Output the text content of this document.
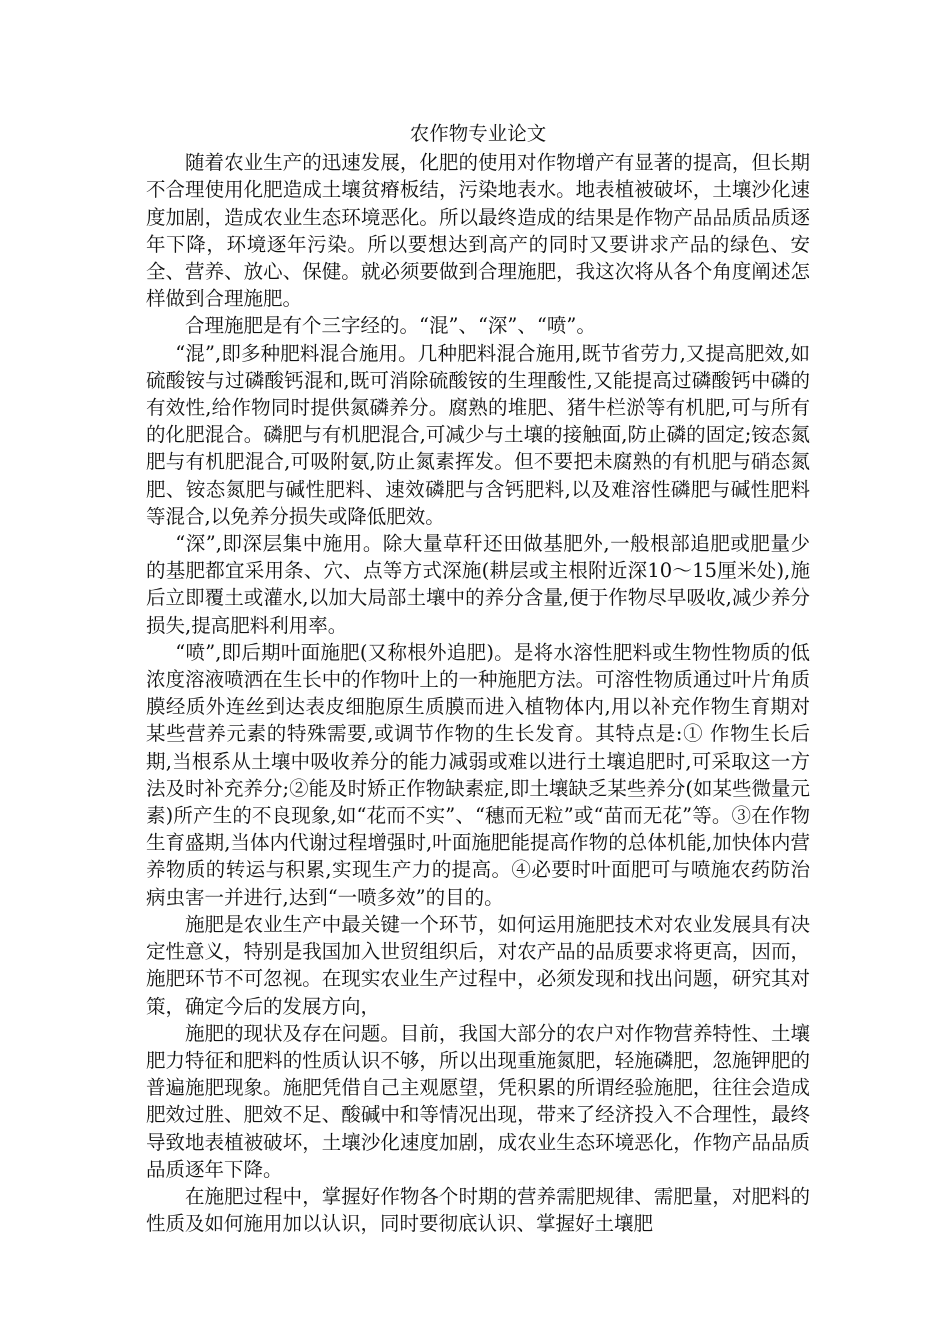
农作物专业论文

随着农业生产的迅速发展，化肥的使用对作物增产有显著的提高，但长期不合理使用化肥造成土壤贫瘠板结，污染地表水。地表植被破坏，土壤沙化速度加剧，造成农业生态环境恶化。所以最终造成的结果是作物产品品质品质逐年下降，环境逐年污染。所以要想达到高产的同时又要讲求产品的绿色、安全、营养、放心、保健。就必须要做到合理施肥，我这次将从各个角度阐述怎样做到合理施肥。

合理施肥是有个三字经的。“混”、“深”、“喷”。

“混”,即多种肥料混合施用。几种肥料混合施用,既节省劳力,又提高肥效,如硫酸铵与过磷酸钙混和,既可消除硫酸铵的生理酸性,又能提高过磷酸钙中磷的有效性,给作物同时提供氮磷养分。腐熟的堆肥、猪牛栏淤等有机肥,可与所有的化肥混合。磷肥与有机肥混合,可减少与土壤的接触面,防止磷的固定;铵态氮肥与有机肥混合,可吸附氨,防止氮素挥发。但不要把未腐熟的有机肥与硝态氮肥、铵态氮肥与碱性肥料、速效磷肥与含钙肥料,以及难溶性磷肥与碱性肥料等混合,以免养分损失或降低肥效。

“深”,即深层集中施用。除大量草秆还田做基肥外,一般根部追肥或肥量少的基肥都宜采用条、穴、点等方式深施(耕层或主根附近深10～15厘米处),施后立即覆土或灌水,以加大局部土壤中的养分含量,便于作物尽早吸收,减少养分损失,提高肥料利用率。

“喷”,即后期叶面施肥(又称根外追肥)。是将水溶性肥料或生物性物质的低浓度溶液喷洒在生长中的作物叶上的一种施肥方法。可溶性物质通过叶片角质膜经质外连丝到达表皮细胞原生质膜而进入植物体内,用以补充作物生育期对某些营养元素的特殊需要,或调节作物的生长发育。其特点是:① 作物生长后期,当根系从土壤中吸收养分的能力减弱或难以进行土壤追肥时,可采取这一方法及时补充养分;②能及时矫正作物缺素症,即土壤缺乏某些养分(如某些微量元素)所产生的不良现象,如“花而不实”、“穗而无粒”或“苗而无花”等。③在作物生育盛期,当体内代谢过程增强时,叶面施肥能提高作物的总体机能,加快体内营养物质的转运与积累,实现生产力的提高。④必要时叶面肥可与喷施农药防治病虫害一并进行,达到“一喷多效”的目的。

施肥是农业生产中最关键一个环节，如何运用施肥技术对农业发展具有决定性意义，特别是我国加入世贸组织后，对农产品的品质要求将更高，因而，施肥环节不可忽视。在现实农业生产过程中，必须发现和找出问题，研究其对策，确定今后的发展方向，

施肥的现状及存在问题。目前，我国大部分的农户对作物营养特性、土壤肥力特征和肥料的性质认识不够，所以出现重施氮肥，轻施磷肥，忽施钾肥的普遍施肥现象。施肥凭借自己主观愿望，凭积累的所谓经验施肥，往往会造成肥效过胜、肥效不足、酸碱中和等情况出现，带来了经济投入不合理性，最终导致地表植被破坏，土壤沙化速度加剧，成农业生态环境恶化，作物产品品质品质逐年下降。

在施肥过程中，掌握好作物各个时期的营养需肥规律、需肥量，对肥料的性质及如何施用加以认识，同时要彻底认识、掌握好土壤肥
